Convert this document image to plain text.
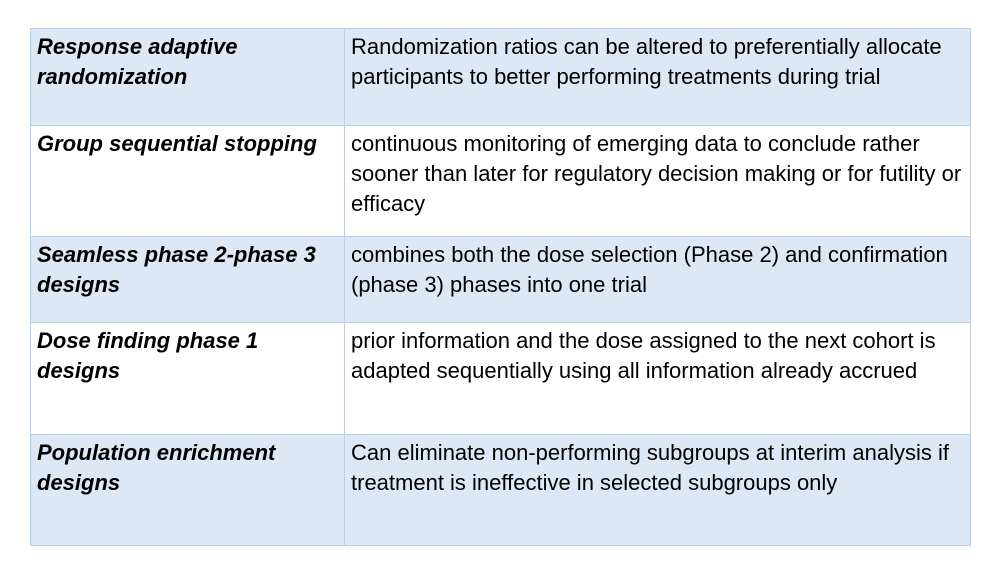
Response adaptive randomization	Randomization ratios can be altered to preferentially allocate participants to better performing treatments during trial
Group sequential stopping	continuous monitoring of emerging data to conclude rather sooner than later for regulatory decision making or for futility or efficacy
Seamless phase 2-phase 3 designs	combines both the dose selection (Phase 2) and confirmation (phase 3) phases into one trial
Dose finding phase 1 designs	prior information and the dose assigned to the next cohort is adapted sequentially using all information already accrued
Population enrichment designs	Can eliminate non-performing subgroups at interim analysis if treatment is ineffective in selected subgroups only
